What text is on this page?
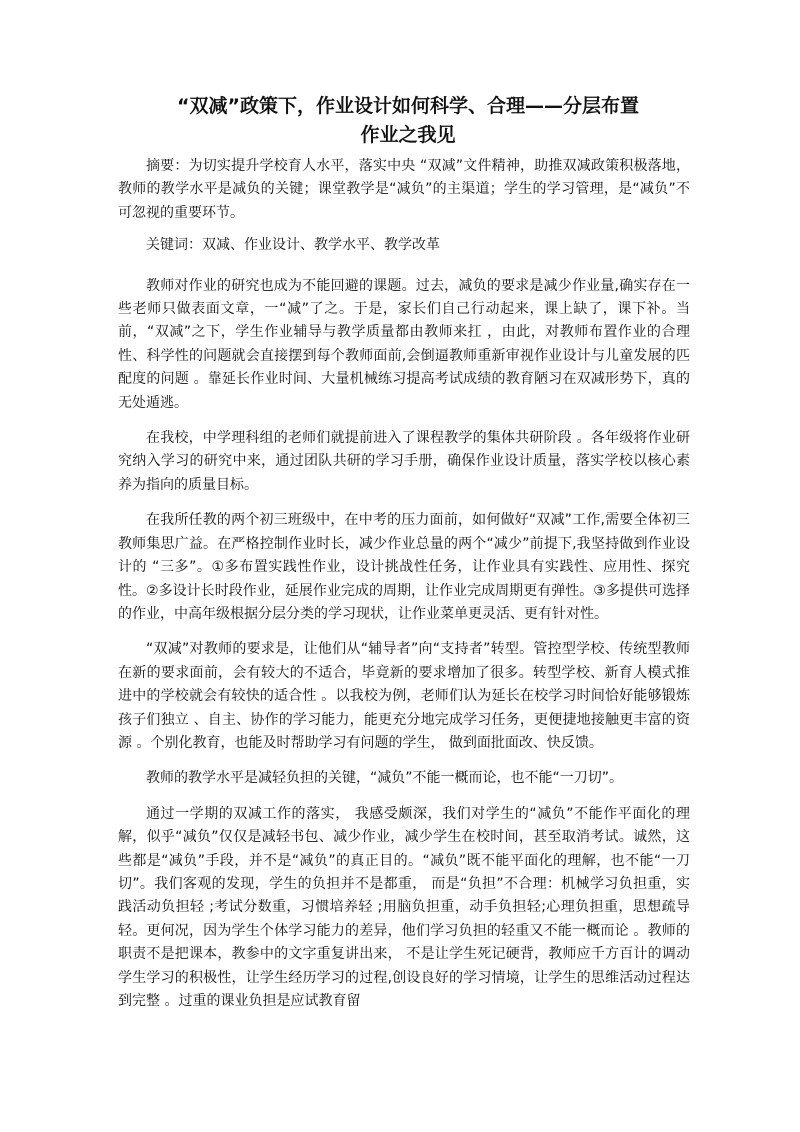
“双减”政策下，作业设计如何科学、合理——分层布置
作业之我见

摘要：为切实提升学校育人水平，落实中央 “双减”文件精神，助推双减政策积极落地，教师的教学水平是减负的关键；课堂教学是“减负”的主渠道；学生的学习管理，是“减负”不可忽视的重要环节。

关键词：双减、作业设计、教学水平、教学改革

教师对作业的研究也成为不能回避的课题。过去，减负的要求是减少作业量,确实存在一些老师只做表面文章，一“减”了之。于是，家长们自己行动起来，课上缺了，课下补。当前，“双减”之下，学生作业辅导与教学质量都由教师来扛 ，由此，对教师布置作业的合理性、科学性的问题就会直接摆到每个教师面前,会倒逼教师重新审视作业设计与儿童发展的匹配度的问题 。靠延长作业时间、大量机械练习提高考试成绩的教育陋习在双减形势下，真的无处遁逃。

在我校，中学理科组的老师们就提前进入了课程教学的集体共研阶段 。各年级将作业研究纳入学习的研究中来，通过团队共研的学习手册，确保作业设计质量，落实学校以核心素养为指向的质量目标。

在我所任教的两个初三班级中，在中考的压力面前，如何做好“双减”工作,需要全体初三教师集思广益。在严格控制作业时长，减少作业总量的两个“减少”前提下,我坚持做到作业设计的 “三多”。①多布置实践性作业，设计挑战性任务，让作业具有实践性、应用性、探究性。②多设计长时段作业，延展作业完成的周期，让作业完成周期更有弹性。③多提供可选择的作业，中高年级根据分层分类的学习现状，让作业菜单更灵活、更有针对性。

“双减”对教师的要求是，让他们从“辅导者”向“支持者”转型。管控型学校、传统型教师在新的要求面前，会有较大的不适合，毕竟新的要求增加了很多。转型学校、新育人模式推进中的学校就会有较快的适合性 。以我校为例，老师们认为延长在校学习时间恰好能够锻炼孩子们独立 、自主、协作的学习能力，能更充分地完成学习任务，更便捷地接触更丰富的资源 。个别化教育，也能及时帮助学习有问题的学生， 做到面批面改、快反馈。

教师的教学水平是减轻负担的关键，“减负”不能一概而论，也不能“一刀切”。

通过一学期的双减工作的落实， 我感受颇深，我们对学生的“减负”不能作平面化的理解，似乎“减负”仅仅是减轻书包、减少作业，减少学生在校时间，甚至取消考试。诚然，这些都是“减负”手段，并不是“减负”的真正目的。“减负”既不能平面化的理解，也不能“一刀切”。我们客观的发现，学生的负担并不是都重， 而是“负担”不合理：机械学习负担重，实践活动负担轻 ;考试分数重，习惯培养轻 ;用脑负担重，动手负担轻;心理负担重，思想疏导轻。更何况，因为学生个体学习能力的差异，他们学习负担的轻重又不能一概而论 。教师的职责不是把课本，教参中的文字重复讲出来， 不是让学生死记硬背，教师应千方百计的调动学生学习的积极性，让学生经历学习的过程,创设良好的学习情境，让学生的思维活动过程达到完整 。过重的课业负担是应试教育留
